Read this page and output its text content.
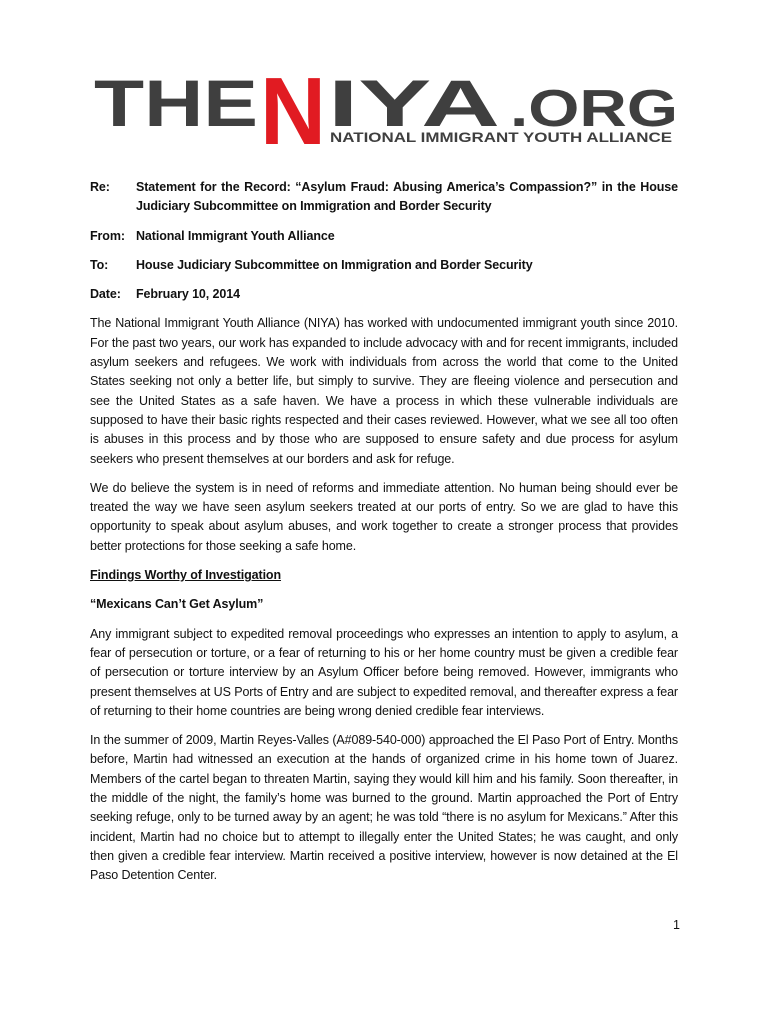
THE N IYA .ORG
NATIONAL IMMIGRANT YOUTH ALLIANCE
Re:	Statement for the Record: “Asylum Fraud: Abusing America’s Compassion?” in the House Judiciary Subcommittee on Immigration and Border Security
From: National Immigrant Youth Alliance
To:	House Judiciary Subcommittee on Immigration and Border Security
Date:	February 10, 2014

The National Immigrant Youth Alliance (NIYA) has worked with undocumented immigrant youth since 2010. For the past two years, our work has expanded to include advocacy with and for recent immigrants, included asylum seekers and refugees. We work with individuals from across the world that come to the United States seeking not only a better life, but simply to survive. They are fleeing violence and persecution and see the United States as a safe haven. We have a process in which these vulnerable individuals are supposed to have their basic rights respected and their cases reviewed. However, what we see all too often is abuses in this process and by those who are supposed to ensure safety and due process for asylum seekers who present themselves at our borders and ask for refuge.

We do believe the system is in need of reforms and immediate attention. No human being should ever be treated the way we have seen asylum seekers treated at our ports of entry. So we are glad to have this opportunity to speak about asylum abuses, and work together to create a stronger process that provides better protections for those seeking a safe home.

Findings Worthy of Investigation

“Mexicans Can’t Get Asylum”

Any immigrant subject to expedited removal proceedings who expresses an intention to apply to asylum, a fear of persecution or torture, or a fear of returning to his or her home country must be given a credible fear of persecution or torture interview by an Asylum Officer before being removed. However, immigrants who present themselves at US Ports of Entry and are subject to expedited removal, and thereafter express a fear of returning to their home countries are being wrong denied credible fear interviews.

In the summer of 2009, Martin Reyes-Valles (A#089-540-000) approached the El Paso Port of Entry. Months before, Martin had witnessed an execution at the hands of organized crime in his home town of Juarez. Members of the cartel began to threaten Martin, saying they would kill him and his family. Soon thereafter, in the middle of the night, the family’s home was burned to the ground. Martin approached the Port of Entry seeking refuge, only to be turned away by an agent; he was told “there is no asylum for Mexicans.” After this incident, Martin had no choice but to attempt to illegally enter the United States; he was caught, and only then given a credible fear interview. Martin received a positive interview, however is now detained at the El Paso Detention Center.

1
